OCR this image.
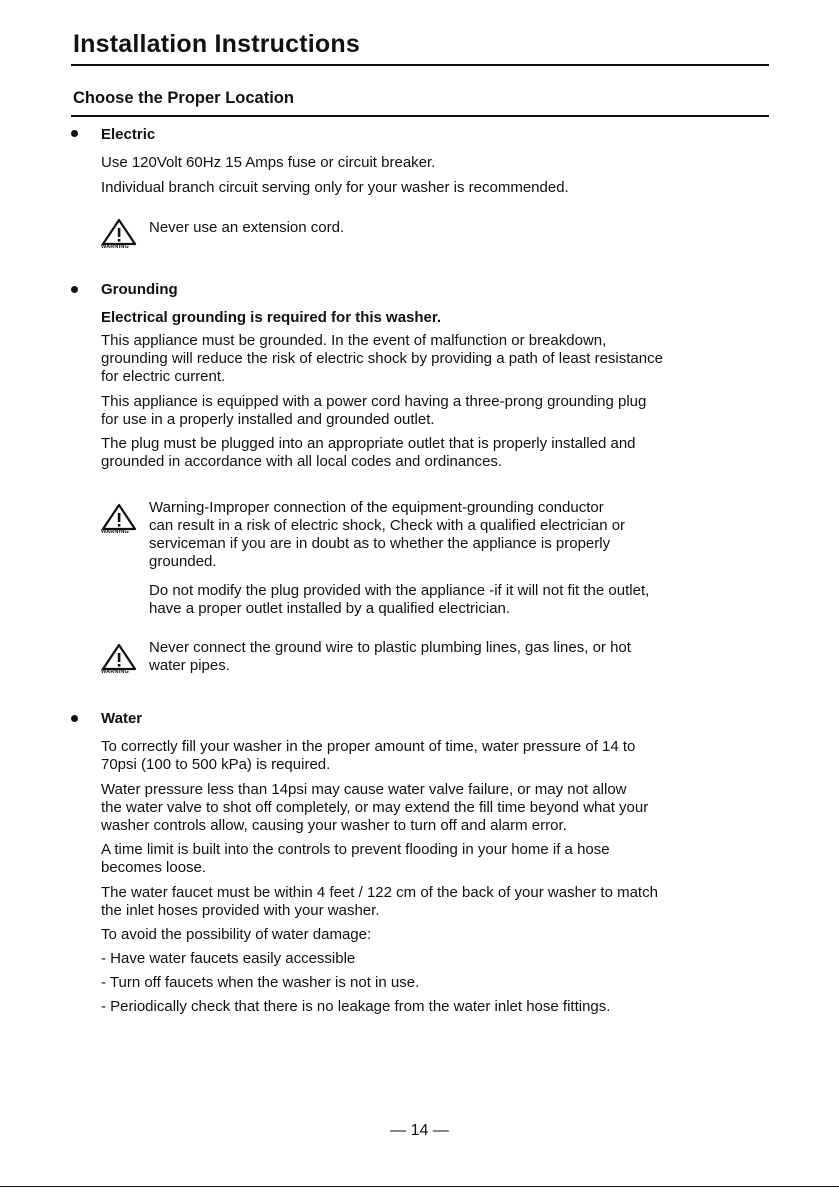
Installation Instructions
Choose the Proper Location
Electric
Use 120Volt 60Hz 15 Amps fuse or circuit breaker.
Individual branch circuit serving only for your washer is recommended.
WARNING
Never use an extension cord.
Grounding
Electrical grounding is required for this washer.
This appliance must be grounded. In the event of malfunction or breakdown,
grounding will reduce the risk of electric shock by providing a path of least resistance
for electric current.
This appliance is equipped with a power cord having a three-prong grounding plug
for use in a properly installed and grounded outlet.
The plug must be plugged into an appropriate outlet that is properly installed and
grounded in accordance with all local codes and ordinances.
WARNING
Warning-Improper connection of the equipment-grounding conductor
can result in a risk of electric shock, Check with a qualified electrician or
serviceman if you are in doubt as to whether the appliance is properly
grounded.
Do not modify the plug provided with the appliance -if it will not fit the outlet,
have a proper outlet installed by a qualified electrician.
WARNING
Never connect the ground wire to plastic plumbing lines, gas lines, or hot
water pipes.
Water
To correctly fill your washer in the proper amount of time, water pressure of 14 to
70psi (100 to 500 kPa) is required.
Water pressure less than 14psi may cause water valve failure, or may not allow
the water valve to shot off completely, or may extend the fill time beyond what your
washer controls allow, causing your washer to turn off and alarm error.
A time limit is built into the controls to prevent flooding in your home if a hose
becomes loose.
The water faucet must be within 4 feet / 122 cm of the back of your washer to match
the inlet hoses provided with your washer.
To avoid the possibility of water damage:
- Have water faucets easily accessible
- Turn off faucets when the washer is not in use.
- Periodically check that there is no leakage from the water inlet hose fittings.
— 14 —
